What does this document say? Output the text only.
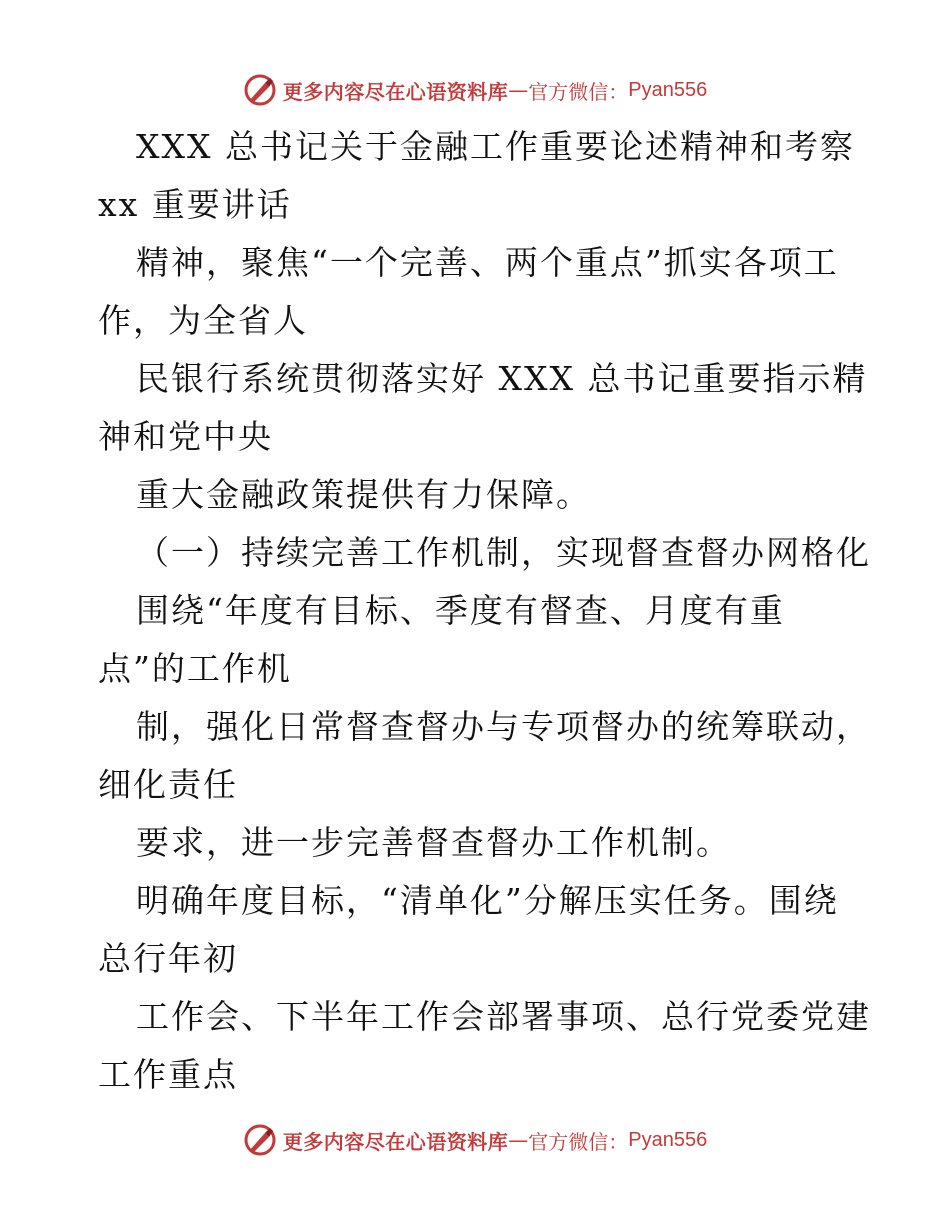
更多内容尽在心语资料库 — 官方微信： Pyan556
XXX 总书记关于金融工作重要论述精神和考察
xx 重要讲话
精神，聚焦“一个完善、两个重点”抓实各项工
作，为全省人
民银行系统贯彻落实好 XXX 总书记重要指示精
神和党中央
重大金融政策提供有力保障。
（一）持续完善工作机制，实现督查督办网格化
围绕“年度有目标、季度有督查、月度有重
点”的工作机
制，强化日常督查督办与专项督办的统筹联动，
细化责任
要求，进一步完善督查督办工作机制。
明确年度目标，“清单化”分解压实任务。围绕
总行年初
工作会、下半年工作会部署事项、总行党委党建
工作重点
更多内容尽在心语资料库 — 官方微信： Pyan556
